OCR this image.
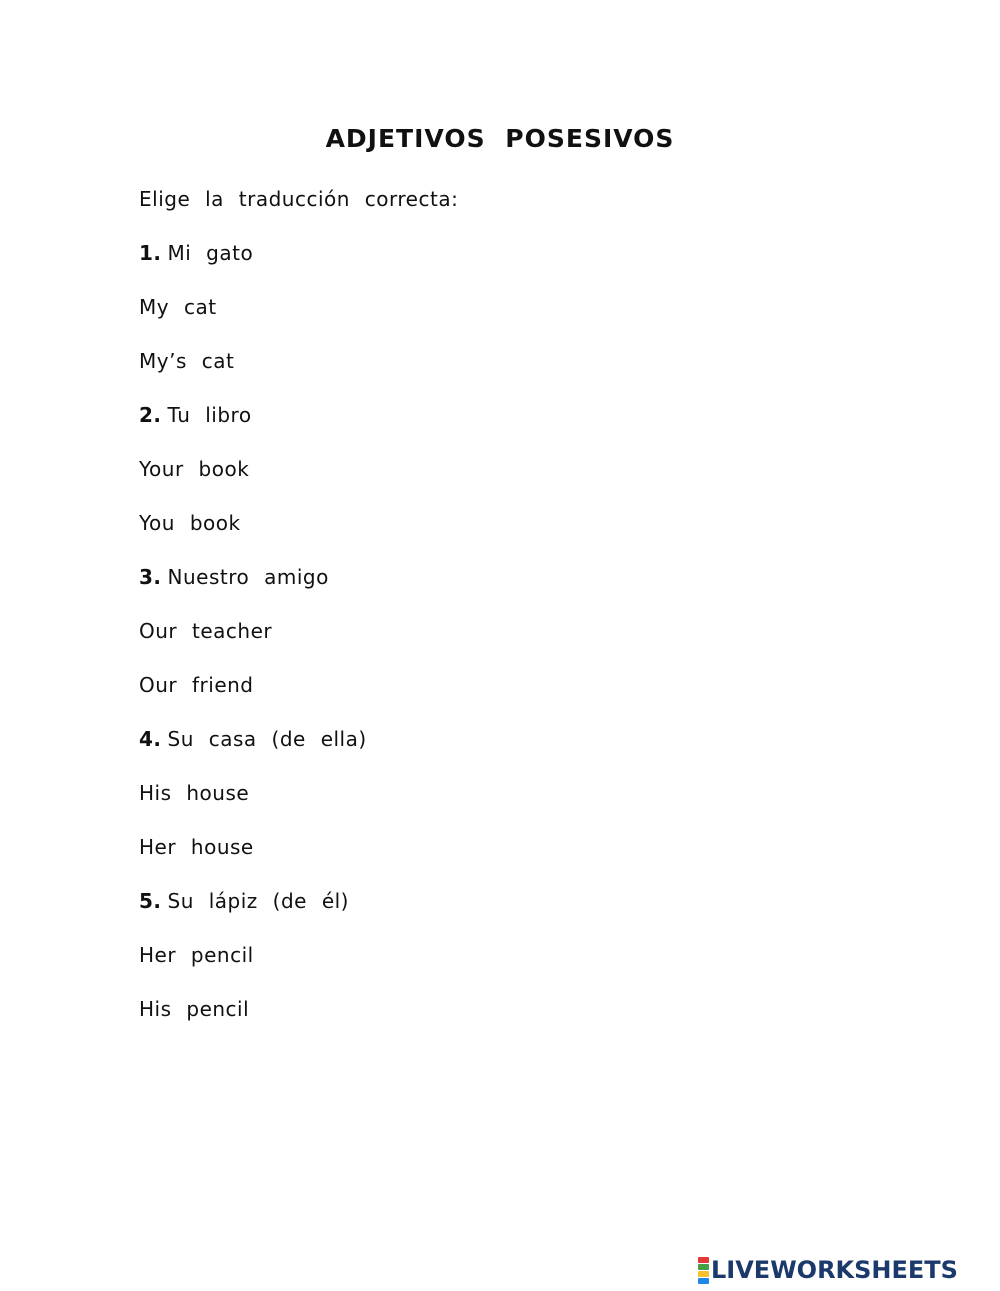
ADJETIVOS POSESIVOS
Elige la traducción correcta:
1. Mi gato
My cat
My’s cat
2. Tu libro
Your book
You book
3. Nuestro amigo
Our teacher
Our friend
4. Su casa (de ella)
His house
Her house
5. Su lápiz (de él)
Her pencil
His pencil
LIVEWORKSHEETS
